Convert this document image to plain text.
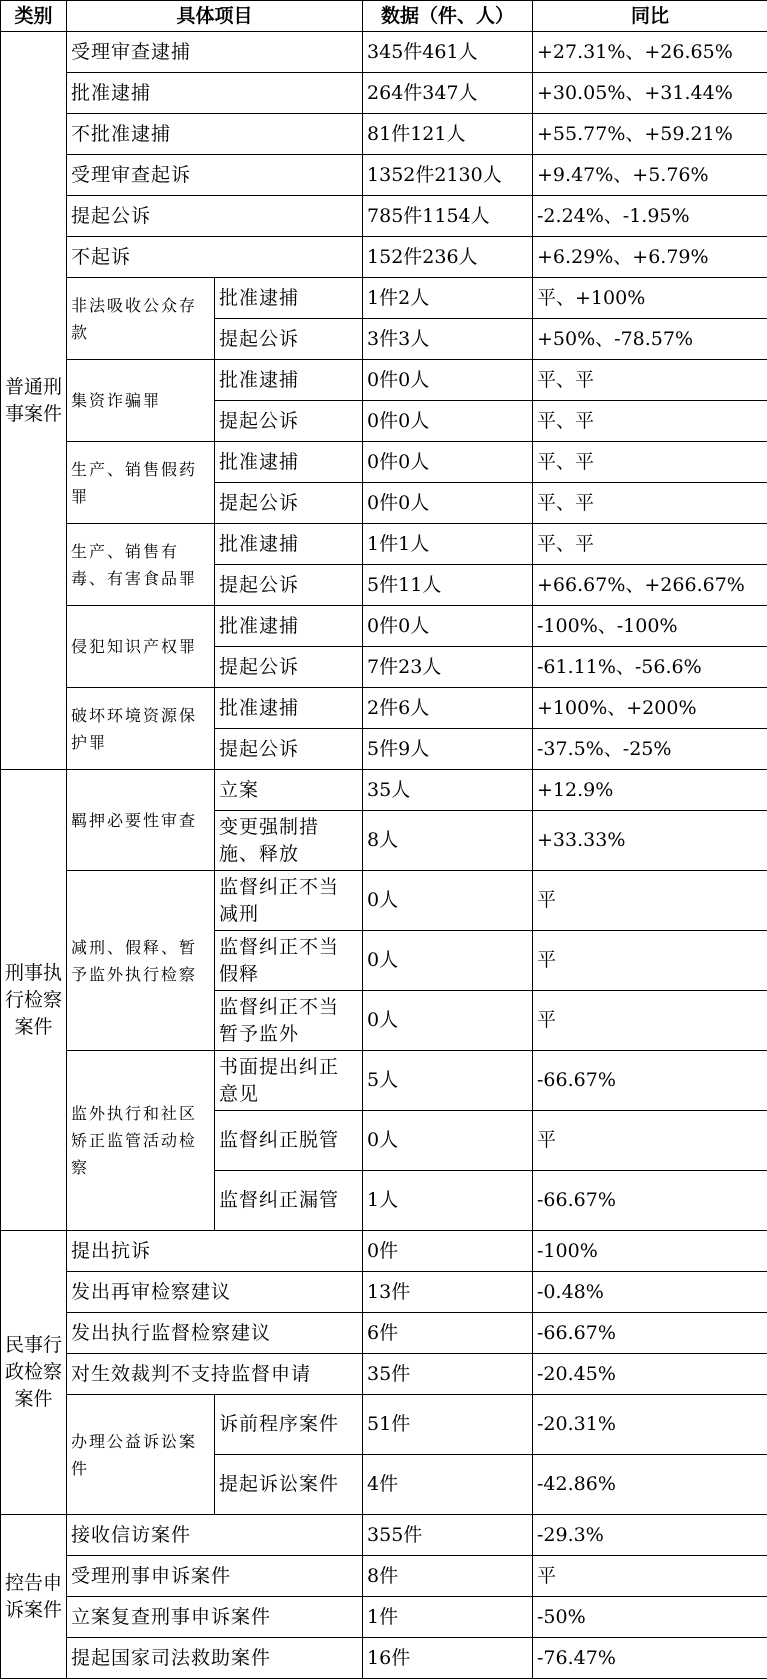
类别	具体项目		数据（件、人）	同比
普通刑事案件	受理审查逮捕		345件461人	+27.31%、+26.65%
	批准逮捕		264件347人	+30.05%、+31.44%
	不批准逮捕		81件121人	+55.77%、+59.21%
	受理审查起诉		1352件2130人	+9.47%、+5.76%
	提起公诉		785件1154人	-2.24%、-1.95%
	不起诉		152件236人	+6.29%、+6.79%
	非法吸收公众存款	批准逮捕	1件2人	平、+100%
		提起公诉	3件3人	+50%、-78.57%
	集资诈骗罪	批准逮捕	0件0人	平、平
		提起公诉	0件0人	平、平
	生产、销售假药罪	批准逮捕	0件0人	平、平
		提起公诉	0件0人	平、平
	生产、销售有毒、有害食品罪	批准逮捕	1件1人	平、平
		提起公诉	5件11人	+66.67%、+266.67%
	侵犯知识产权罪	批准逮捕	0件0人	-100%、-100%
		提起公诉	7件23人	-61.11%、-56.6%
	破坏环境资源保护罪	批准逮捕	2件6人	+100%、+200%
		提起公诉	5件9人	-37.5%、-25%
刑事执行检察案件	羁押必要性审查	立案	35人	+12.9%
		变更强制措施、释放	8人	+33.33%
	减刑、假释、暂予监外执行检察	监督纠正不当减刑	0人	平
		监督纠正不当假释	0人	平
		监督纠正不当暂予监外	0人	平
	监外执行和社区矫正监管活动检察	书面提出纠正意见	5人	-66.67%
		监督纠正脱管	0人	平
		监督纠正漏管	1人	-66.67%
民事行政检察案件	提出抗诉		0件	-100%
	发出再审检察建议		13件	-0.48%
	发出执行监督检察建议		6件	-66.67%
	对生效裁判不支持监督申请		35件	-20.45%
	办理公益诉讼案件	诉前程序案件	51件	-20.31%
		提起诉讼案件	4件	-42.86%
控告申诉案件	接收信访案件		355件	-29.3%
	受理刑事申诉案件		8件	平
	立案复查刑事申诉案件		1件	-50%
	提起国家司法救助案件		16件	-76.47%
